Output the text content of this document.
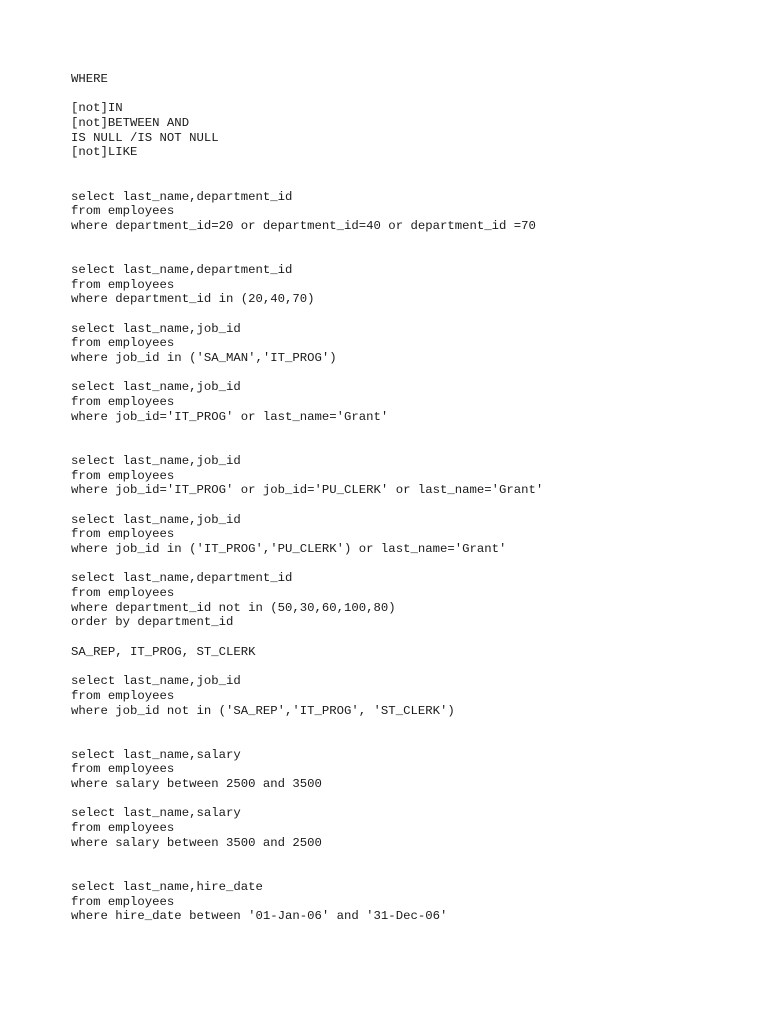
WHERE
[not]IN
[not]BETWEEN AND
IS NULL /IS NOT NULL
[not]LIKE
select last_name,department_id
from employees
where department_id=20 or department_id=40 or department_id =70
select last_name,department_id
from employees
where department_id in (20,40,70)
select last_name,job_id
from employees
where job_id in ('SA_MAN','IT_PROG')
select last_name,job_id
from employees
where job_id='IT_PROG' or last_name='Grant'
select last_name,job_id
from employees
where job_id='IT_PROG' or job_id='PU_CLERK' or last_name='Grant'
select last_name,job_id
from employees
where job_id in ('IT_PROG','PU_CLERK') or last_name='Grant'
select last_name,department_id
from employees
where department_id not in (50,30,60,100,80)
order by department_id
SA_REP, IT_PROG, ST_CLERK
select last_name,job_id
from employees
where job_id not in ('SA_REP','IT_PROG', 'ST_CLERK')
select last_name,salary
from employees
where salary between 2500 and 3500
select last_name,salary
from employees
where salary between 3500 and 2500
select last_name,hire_date
from employees
where hire_date between '01-Jan-06' and '31-Dec-06'
